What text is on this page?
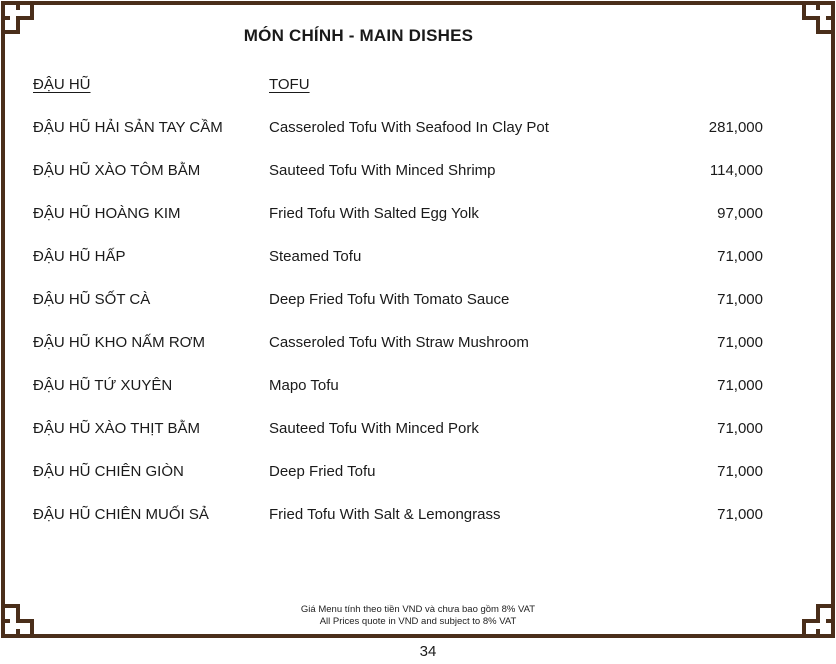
MÓN CHÍNH - MAIN DISHES
ĐẬU HŨ	TOFU
ĐẬU HŨ HẢI SẢN TAY CẦM	Casseroled Tofu With Seafood In Clay Pot	281,000
ĐẬU HŨ XÀO TÔM BẰM	Sauteed Tofu With Minced Shrimp	114,000
ĐẬU HŨ HOÀNG KIM	Fried Tofu With Salted Egg Yolk	97,000
ĐẬU HŨ HẤP	Steamed Tofu	71,000
ĐẬU HŨ SỐT CÀ	Deep Fried Tofu With Tomato Sauce	71,000
ĐẬU HŨ KHO NẤM RƠM	Casseroled Tofu With Straw Mushroom	71,000
ĐẬU HŨ TỨ XUYÊN	Mapo Tofu	71,000
ĐẬU HŨ XÀO THỊT BẰM	Sauteed Tofu With Minced Pork	71,000
ĐẬU HŨ CHIÊN GIÒN	Deep Fried Tofu	71,000
ĐẬU HŨ CHIÊN MUỐI SẢ	Fried Tofu With Salt & Lemongrass	71,000
Giá Menu tính theo tiền VND và chưa bao gồm 8% VAT
All Prices quote in VND and subject to 8% VAT
34
